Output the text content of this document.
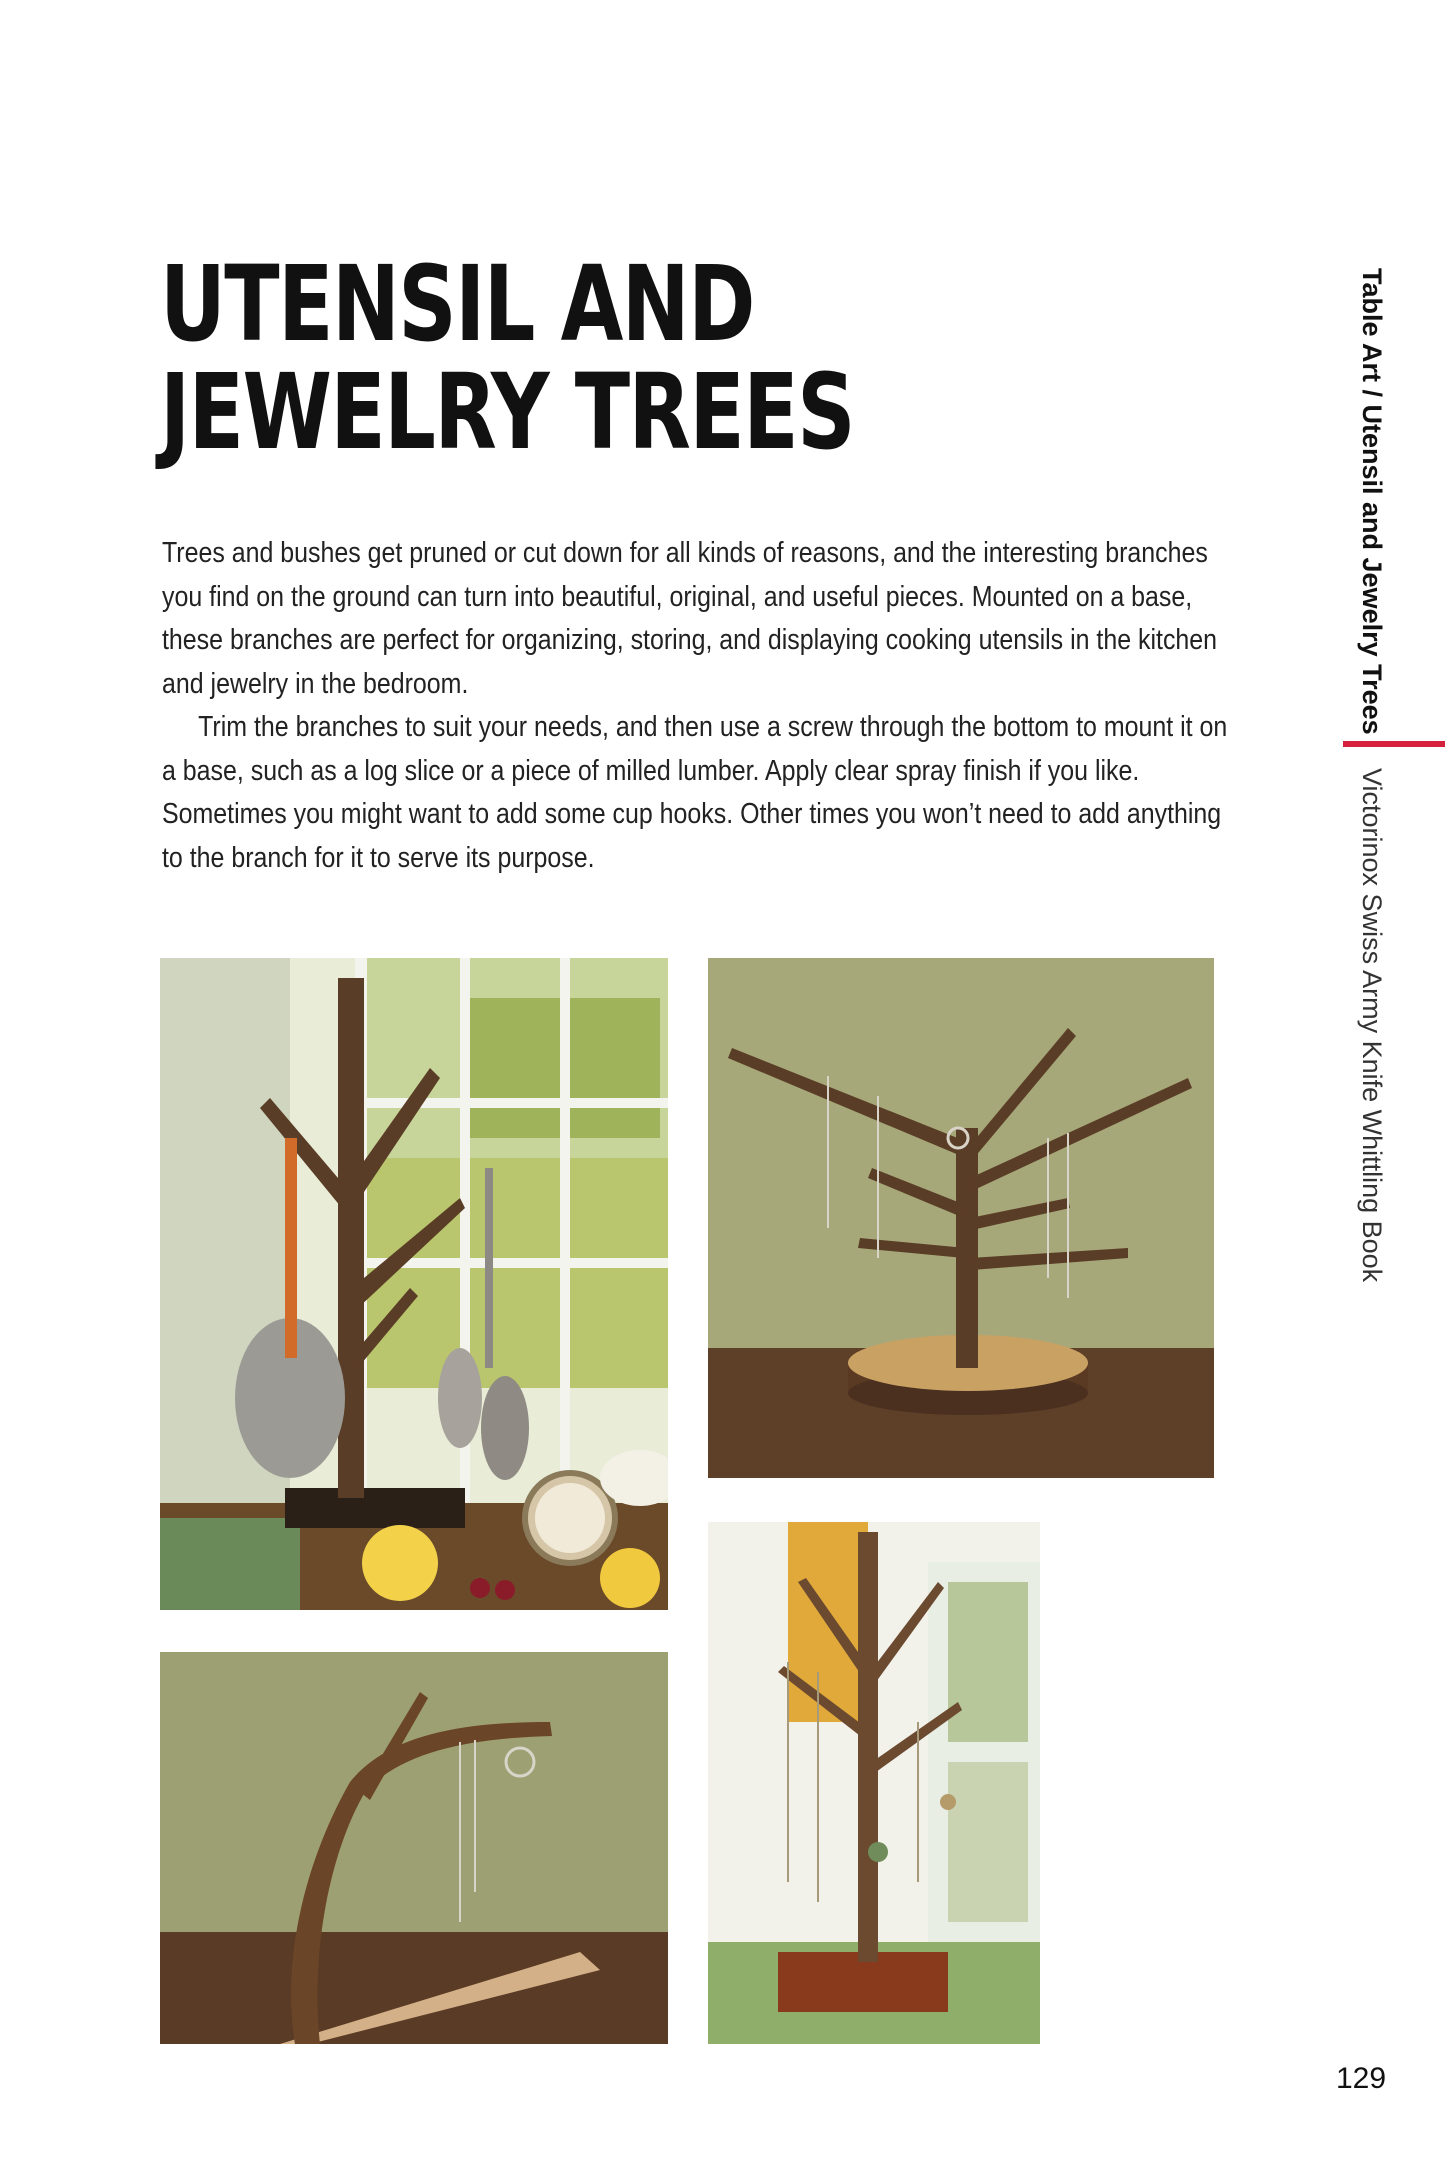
UTENSIL AND
JEWELRY TREES

Trees and bushes get pruned or cut down for all kinds of reasons, and the interesting branches you find on the ground can turn into beautiful, original, and useful pieces. Mounted on a base, these branches are perfect for organizing, storing, and displaying cooking utensils in the kitchen and jewelry in the bedroom.

Trim the branches to suit your needs, and then use a screw through the bottom to mount it on a base, such as a log slice or a piece of milled lumber. Apply clear spray finish if you like. Sometimes you might want to add some cup hooks. Other times you won’t need to add anything to the branch for it to serve its purpose.

Table Art / Utensil and Jewelry Trees
Victorinox Swiss Army Knife Whittling Book
129
